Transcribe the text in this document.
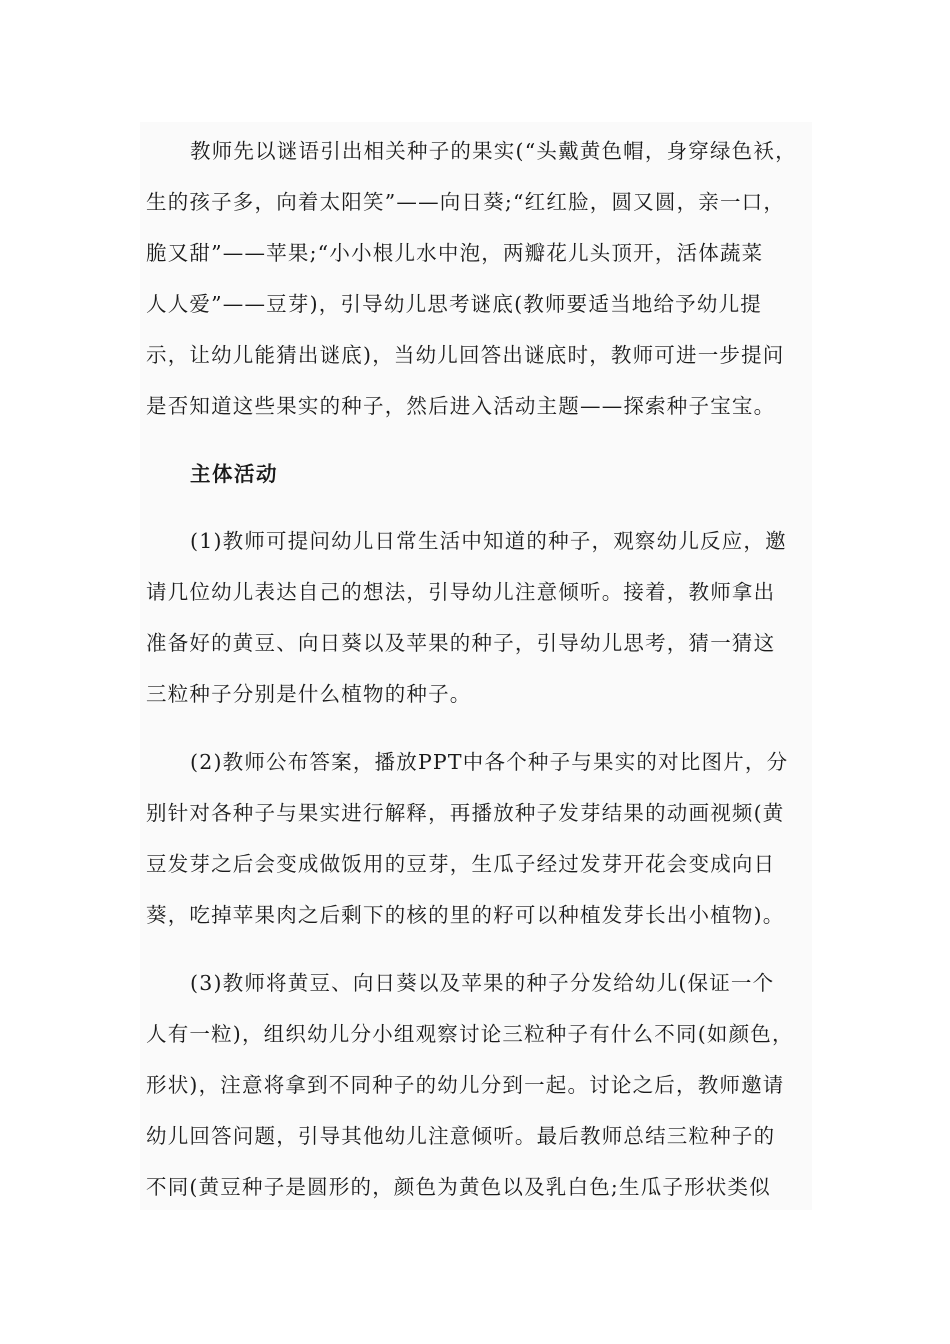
教师先以谜语引出相关种子的果实(“头戴黄色帽，身穿绿色袄，
生的孩子多，向着太阳笑”——向日葵;“红红脸，圆又圆，亲一口，
脆又甜”——苹果;“小小根儿水中泡，两瓣花儿头顶开，活体蔬菜
人人爱”——豆芽)，引导幼儿思考谜底(教师要适当地给予幼儿提
示，让幼儿能猜出谜底)，当幼儿回答出谜底时，教师可进一步提问
是否知道这些果实的种子，然后进入活动主题——探索种子宝宝。

主体活动

(1)教师可提问幼儿日常生活中知道的种子，观察幼儿反应，邀
请几位幼儿表达自己的想法，引导幼儿注意倾听。接着，教师拿出
准备好的黄豆、向日葵以及苹果的种子，引导幼儿思考，猜一猜这
三粒种子分别是什么植物的种子。

(2)教师公布答案，播放PPT中各个种子与果实的对比图片，分
别针对各种子与果实进行解释，再播放种子发芽结果的动画视频(黄
豆发芽之后会变成做饭用的豆芽，生瓜子经过发芽开花会变成向日
葵，吃掉苹果肉之后剩下的核的里的籽可以种植发芽长出小植物)。

(3)教师将黄豆、向日葵以及苹果的种子分发给幼儿(保证一个
人有一粒)，组织幼儿分小组观察讨论三粒种子有什么不同(如颜色，
形状)，注意将拿到不同种子的幼儿分到一起。讨论之后，教师邀请
幼儿回答问题，引导其他幼儿注意倾听。最后教师总结三粒种子的
不同(黄豆种子是圆形的，颜色为黄色以及乳白色;生瓜子形状类似
